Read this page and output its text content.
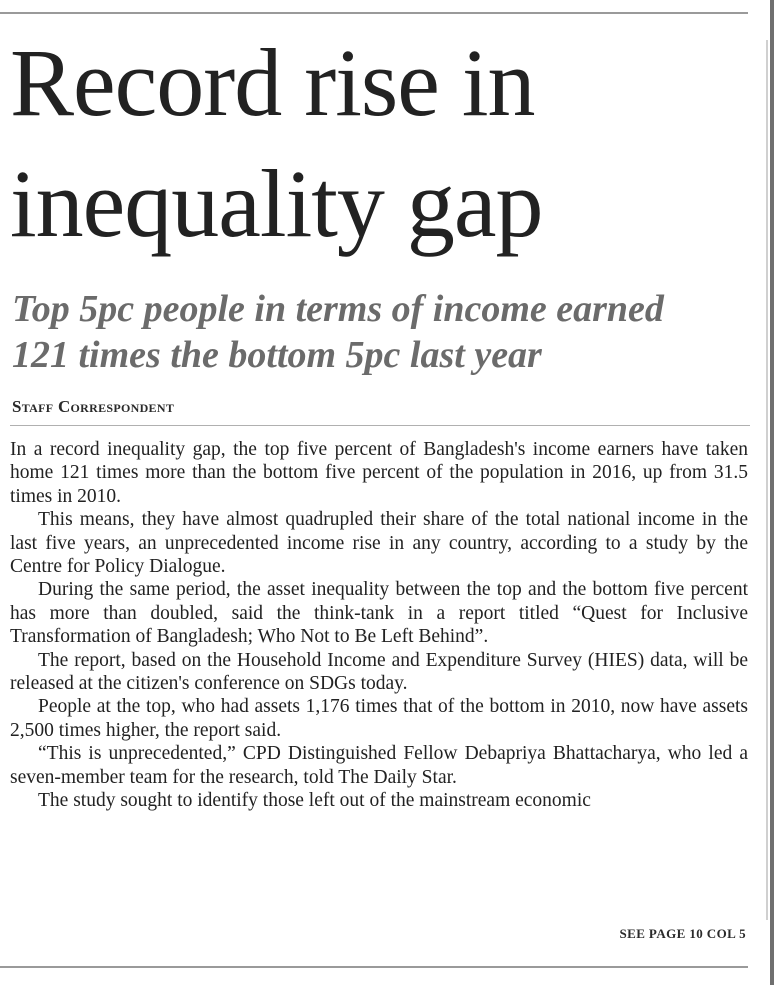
Record rise in
inequality gap
Top 5pc people in terms of income earned
121 times the bottom 5pc last year
Staff Correspondent

In a record inequality gap, the top five percent of Bangladesh's income earners have taken home 121 times more than the bottom five percent of the population in 2016, up from 31.5 times in 2010.

This means, they have almost quadrupled their share of the total national income in the last five years, an unprecedented income rise in any country, according to a study by the Centre for Policy Dialogue.

During the same period, the asset inequality between the top and the bottom five percent has more than doubled, said the think-tank in a report titled “Quest for Inclusive Transformation of Bangladesh; Who Not to Be Left Behind”.

The report, based on the Household Income and Expenditure Survey (HIES) data, will be released at the citizen's conference on SDGs today.

People at the top, who had assets 1,176 times that of the bottom in 2010, now have assets 2,500 times higher, the report said.

“This is unprecedented,” CPD Distinguished Fellow Debapriya Bhattacharya, who led a seven-member team for the research, told The Daily Star.

The study sought to identify those left out of the mainstream economic

SEE PAGE 10 COL 5
